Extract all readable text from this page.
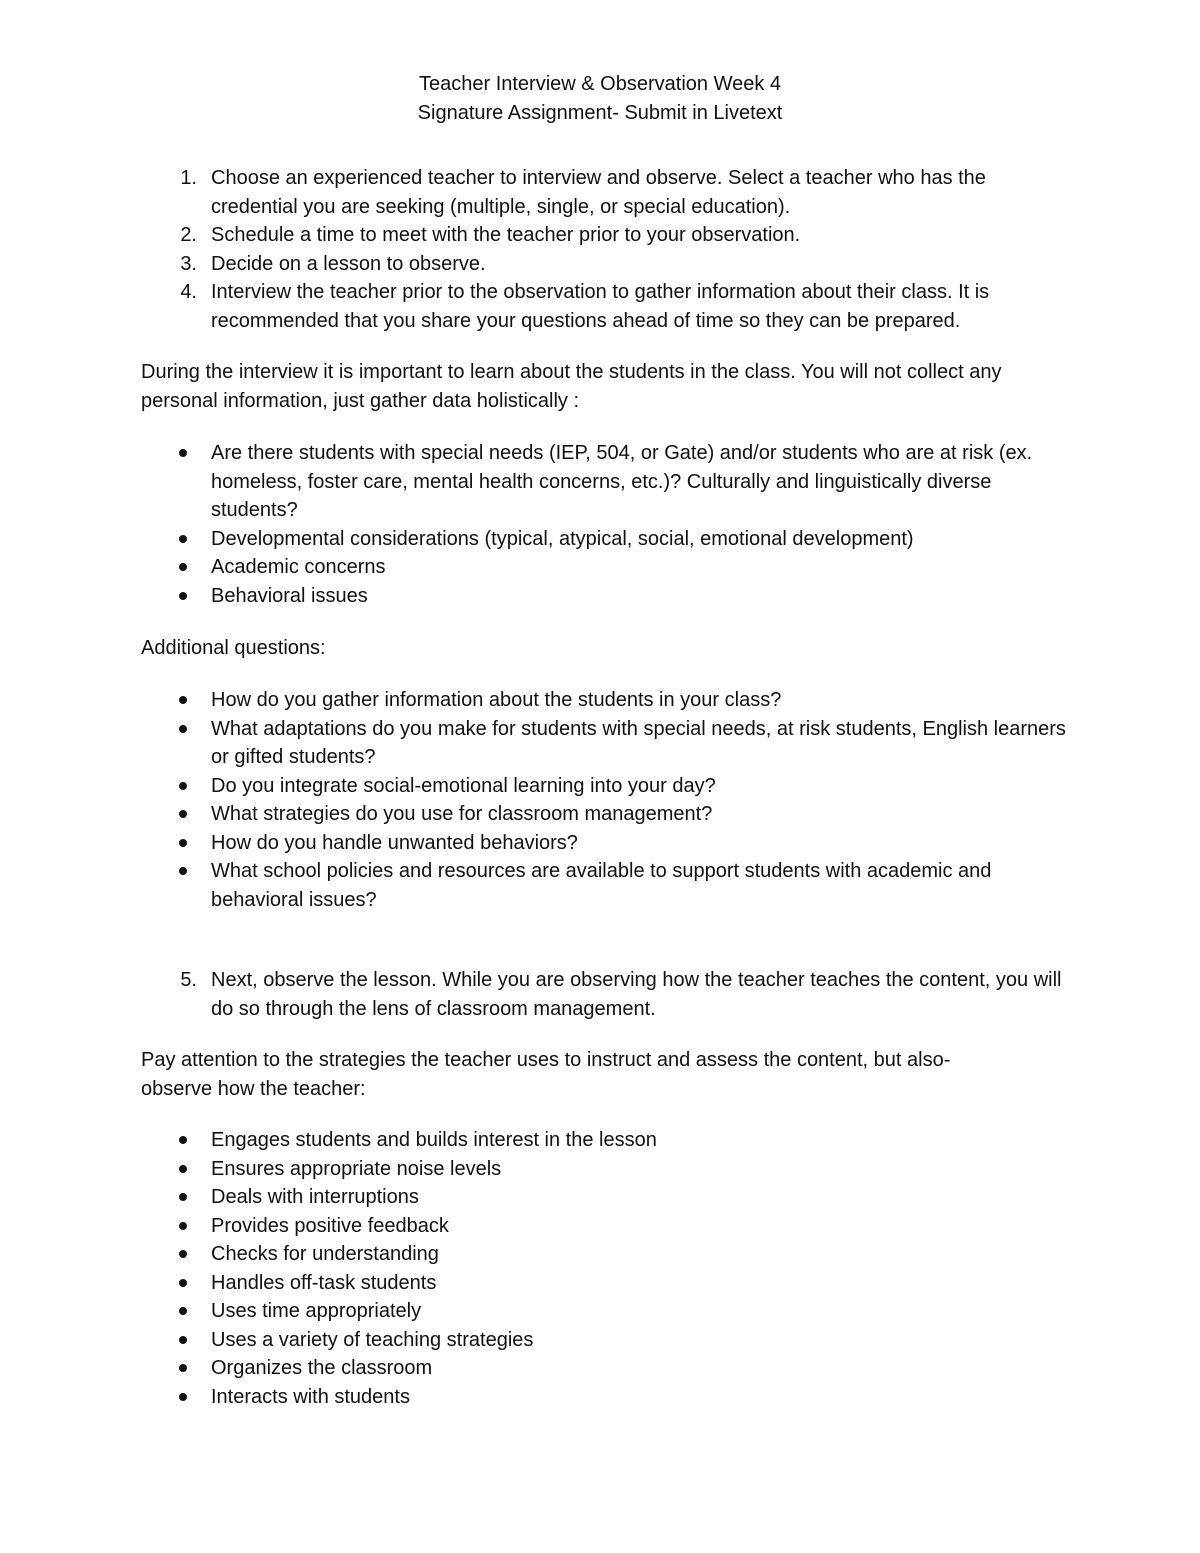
Teacher Interview & Observation Week 4
Signature Assignment- Submit in Livetext
1. Choose an experienced teacher to interview and observe. Select a teacher who has the credential you are seeking (multiple, single, or special education).
2. Schedule a time to meet with the teacher prior to your observation.
3. Decide on a lesson to observe.
4. Interview the teacher prior to the observation to gather information about their class. It is recommended that you share your questions ahead of time so they can be prepared.
During the interview it is important to learn about the students in the class. You will not collect any personal information, just gather data holistically :
Are there students with special needs (IEP, 504, or Gate) and/or students who are at risk (ex. homeless, foster care, mental health concerns, etc.)? Culturally and linguistically diverse students?
Developmental considerations (typical, atypical, social, emotional development)
Academic concerns
Behavioral issues
Additional questions:
How do you gather information about the students in your class?
What adaptations do you make for students with special needs, at risk students, English learners or gifted students?
Do you integrate social-emotional learning into your day?
What strategies do you use for classroom management?
How do you handle unwanted behaviors?
What school policies and resources are available to support students with academic and behavioral issues?
5. Next, observe the lesson. While you are observing how the teacher teaches the content, you will do so through the lens of classroom management.
Pay attention to the strategies the teacher uses to instruct and assess the content, but also- observe how the teacher:
Engages students and builds interest in the lesson
Ensures appropriate noise levels
Deals with interruptions
Provides positive feedback
Checks for understanding
Handles off-task students
Uses time appropriately
Uses a variety of teaching strategies
Organizes the classroom
Interacts with students
